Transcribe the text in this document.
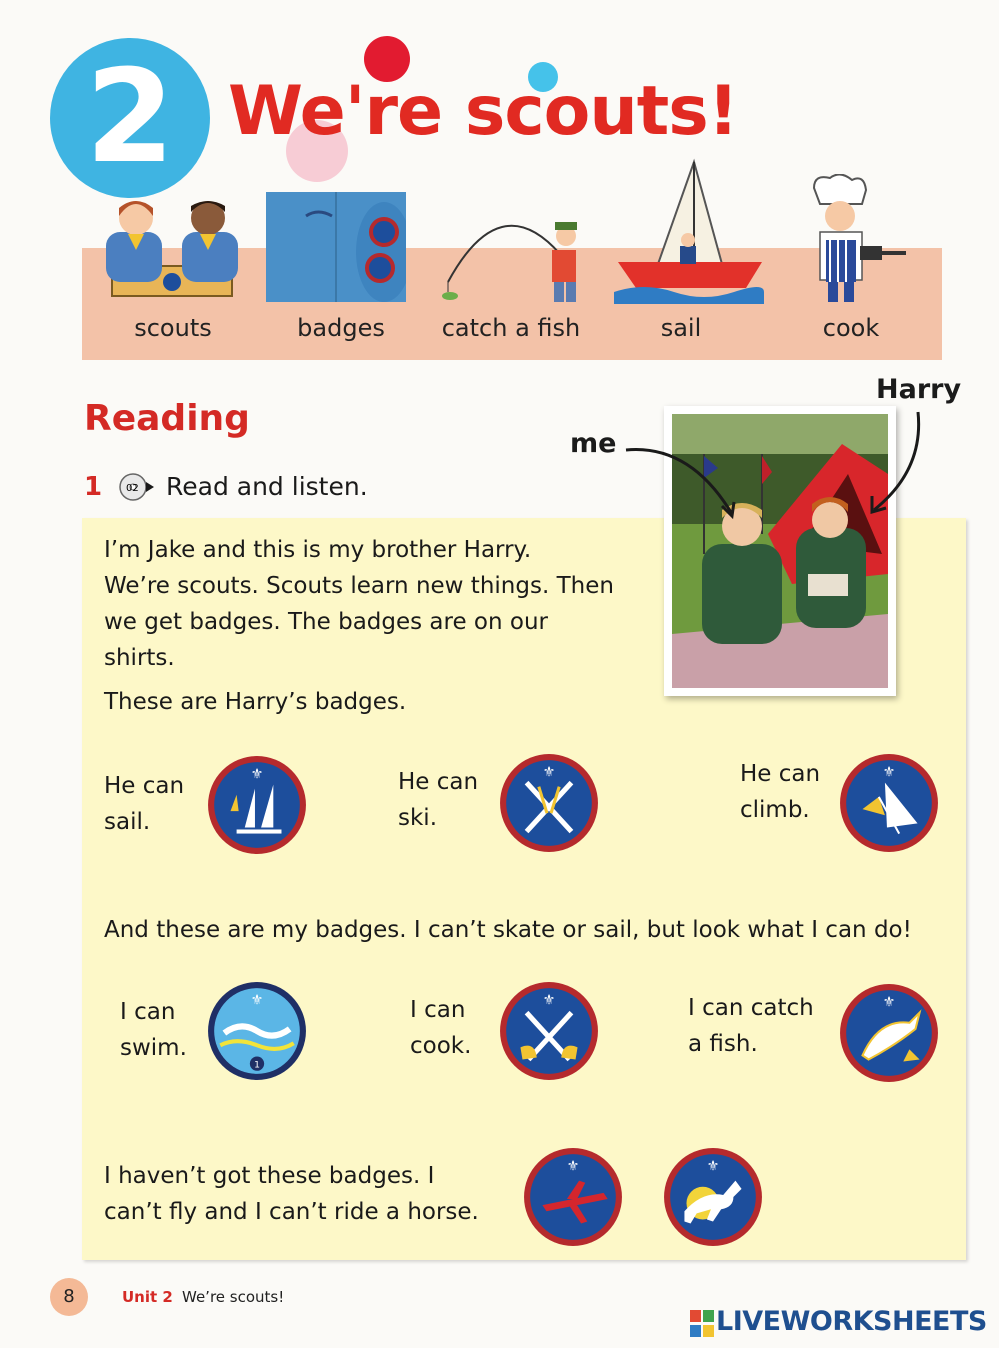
2 We're scouts!
scouts	badges	catch a fish	sail	cook
Reading
1 02 Read and listen.
I’m Jake and this is my brother Harry.
We’re scouts. Scouts learn new things. Then
we get badges. The badges are on our
shirts.
These are Harry’s badges.
He can
sail.
⚜	He can
ski.
⚜	He can
climb.
⚜
And these are my badges. I can’t skate or sail, but look what I can do!
I can
swim.
⚜
1
I can
cook.
⚜	I can catch
a fish.
⚜
I haven’t got these badges. I
can’t fly and I can’t ride a horse.
⚜	⚜
me
Harry
8	Unit 2 We’re scouts!
LIVEWORKSHEETS
